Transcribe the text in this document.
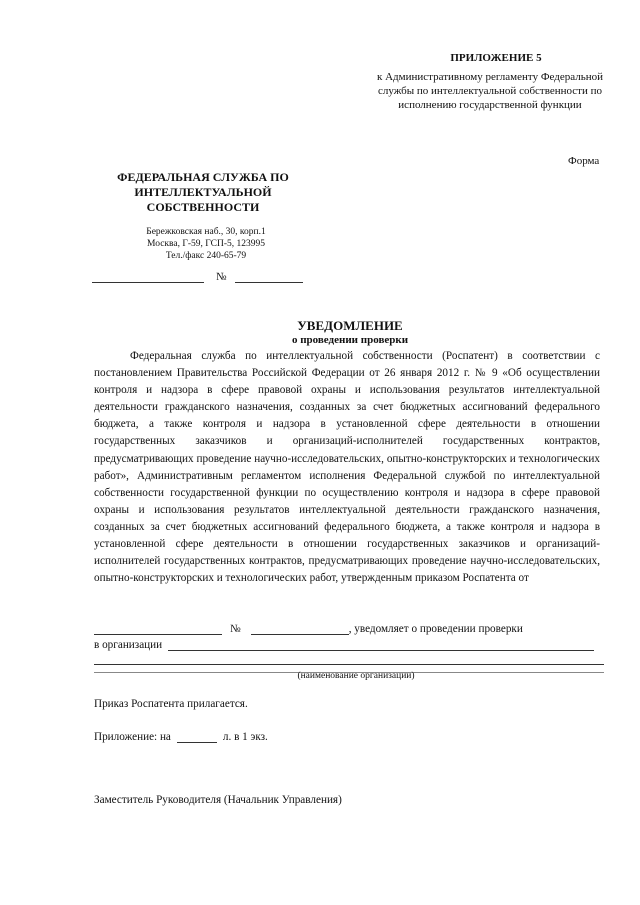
ПРИЛОЖЕНИЕ 5
к Административному регламенту Федеральной службы по интеллектуальной собственности по исполнению государственной функции
Форма
ФЕДЕРАЛЬНАЯ СЛУЖБА ПО ИНТЕЛЛЕКТУАЛЬНОЙ СОБСТВЕННОСТИ
Бережковская наб., 30, корп.1
Москва, Г-59, ГСП-5, 123995
Тел./факс 240-65-79
№
УВЕДОМЛЕНИЕ
о проведении проверки

Федеральная служба по интеллектуальной собственности (Роспатент) в соответствии с постановлением Правительства Российской Федерации от 26 января 2012 г. № 9 «Об осуществлении контроля и надзора в сфере правовой охраны и использования результатов интеллектуальной деятельности гражданского назначения, созданных за счет бюджетных ассигнований федерального бюджета, а также контроля и надзора в установленной сфере деятельности в отношении государственных заказчиков и организаций-исполнителей государственных контрактов, предусматривающих проведение научно-исследовательских, опытно-конструкторских и технологических работ», Административным регламентом исполнения Федеральной службой по интеллектуальной собственности государственной функции по осуществлению контроля и надзора в сфере правовой охраны и использования результатов интеллектуальной деятельности гражданского назначения, созданных за счет бюджетных ассигнований федерального бюджета, а также контроля и надзора в установленной сфере деятельности в отношении государственных заказчиков и организаций-исполнителей государственных контрактов, предусматривающих проведение научно-исследовательских, опытно-конструкторских и технологических работ, утвержденным приказом Роспатента от

№	, уведомляет о проведении проверки
в организации
(наименование организации)
Приказ Роспатента прилагается.
Приложение: на	л. в 1 экз.
Заместитель Руководителя (Начальник Управления)
